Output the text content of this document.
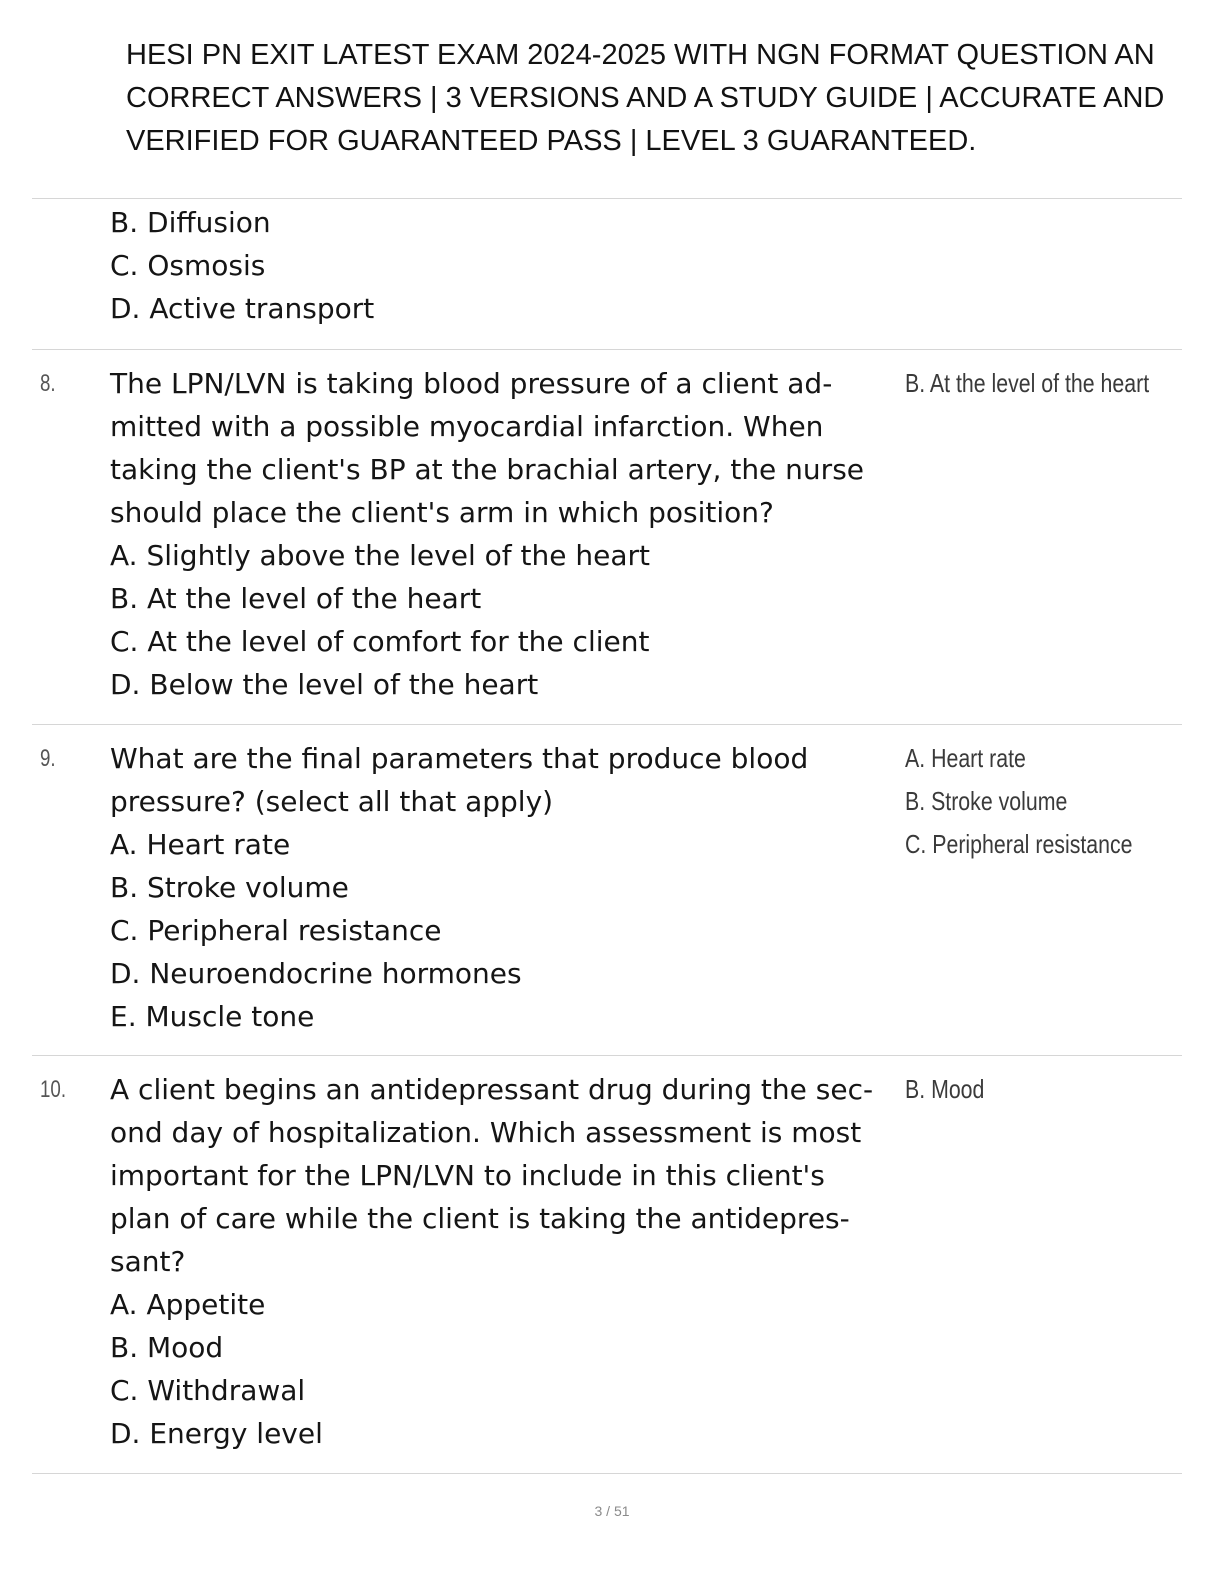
HESI PN EXIT LATEST EXAM 2024-2025 WITH NGN FORMAT QUESTION AN
CORRECT ANSWERS | 3 VERSIONS AND A STUDY GUIDE | ACCURATE AND
VERIFIED FOR GUARANTEED PASS | LEVEL 3 GUARANTEED.
B. Diffusion
C. Osmosis
D. Active transport
8. The LPN/LVN is taking blood pressure of a client ad-
mitted with a possible myocardial infarction. When
taking the client's BP at the brachial artery, the nurse
should place the client's arm in which position?
A. Slightly above the level of the heart
B. At the level of the heart
C. At the level of comfort for the client
D. Below the level of the heart
B. At the level of the heart
9. What are the final parameters that produce blood
pressure? (select all that apply)
A. Heart rate
B. Stroke volume
C. Peripheral resistance
D. Neuroendocrine hormones
E. Muscle tone
A. Heart rate
B. Stroke volume
C. Peripheral resistance
10. A client begins an antidepressant drug during the sec-
ond day of hospitalization. Which assessment is most
important for the LPN/LVN to include in this client's
plan of care while the client is taking the antidepres-
sant?
A. Appetite
B. Mood
C. Withdrawal
D. Energy level
B. Mood
3 / 51
